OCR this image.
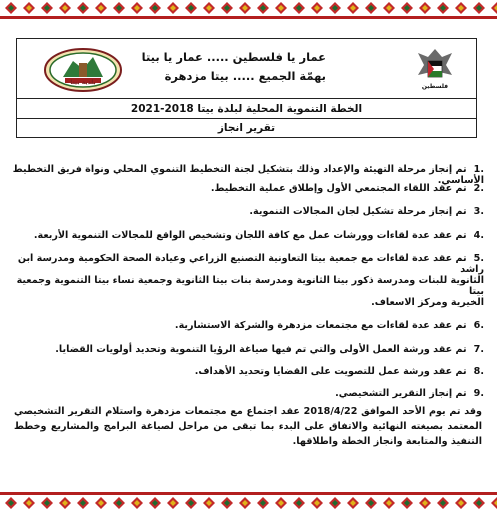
بلدية بيتا
عمار يا فلسطين ..... عمار يا بيتا
بهمّة الجميع ..... بيتا مزدهرة
فلسطين
الخطة التنموية المحلية لبلدة بيتا 2018-2021
تقرير انجاز
.1 تم إنجاز مرحلة التهيئة والإعداد وذلك بتشكيل لجنة التخطيط التنموي المحلي ونواة فريق التخطيط الأساسي.
.2 تم عقد اللقاء المجتمعي الأول وإطلاق عملية التخطيط.
.3 تم إنجاز مرحلة تشكيل لجان المجالات التنموية.
.4 تم عقد عدة لقاءات وورشات عمل مع كافة اللجان وتشخيص الواقع للمجالات التنموية الأربعة.
.5 تم عقد عدة لقاءات مع جمعية بيتا التعاونية التصنيع الزراعي وعيادة الصحة الحكومية ومدرسة ابن راشد
الثانوية للبنات ومدرسة ذكور بيتا الثانوية ومدرسة بنات بيتا الثانوية وجمعية نساء بيتا التنموية وجمعية بيتا
الخيرية ومركز الاسعاف.
.6 تم عقد عدة لقاءات مع مجتمعات مزدهرة والشركة الاستشارية.
.7 تم عقد ورشة العمل الأولى والتي تم فيها صياغة الرؤيا التنموية وتحديد أولويات القضايا.
.8 تم عقد ورشة عمل للتصويت على القضايا وتحديد الأهداف.
.9 تم إنجاز التقرير التشخيصي.
وقد تم يوم الأحد الموافق 2018/4/22 عقد اجتماع مع مجتمعات مزدهرة واستلام التقرير التشخيصي المعتمد بصيغته النهائية والاتفاق على البدء بما تبقى من مراحل لصياغة البرامج والمشاريع وخطط التنفيذ والمتابعة وانجاز الخطة واطلاقها.
